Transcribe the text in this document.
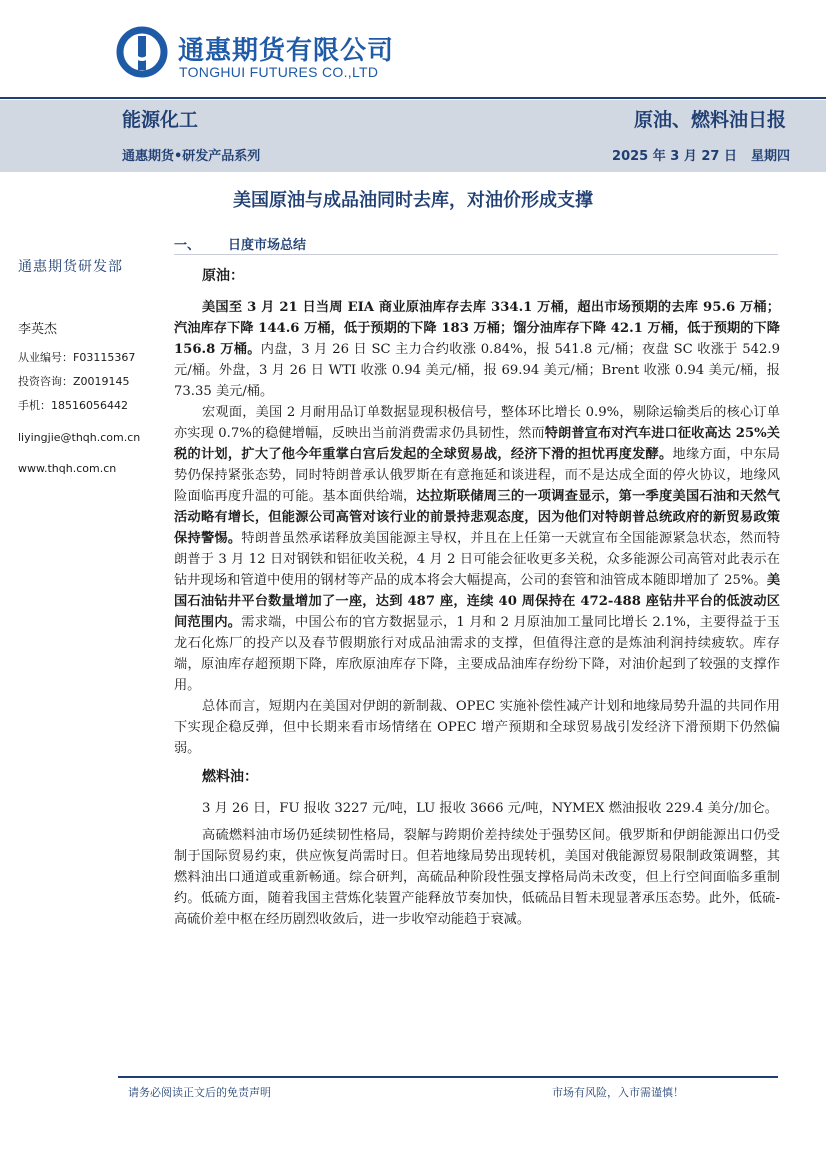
通惠期货有限公司
TONGHUI FUTURES CO.,LTD
能源化工	原油、燃料油日报
通惠期货•研发产品系列	2025 年 3 月 27 日 星期四
美国原油与成品油同时去库，对油价形成支撑
通惠期货研发部
李英杰
从业编号：F03115367
投资咨询：Z0019145
手机：18516056442
liyingjie@thqh.com.cn
www.thqh.com.cn
一、 日度市场总结
原油：

美国至 3 月 21 日当周 EIA 商业原油库存去库 334.1 万桶，超出市场预期的去库 95.6 万桶；汽油库存下降 144.6 万桶，低于预期的下降 183 万桶；馏分油库存下降 42.1 万桶，低于预期的下降 156.8 万桶。内盘，3 月 26 日 SC 主力合约收涨 0.84%，报 541.8 元/桶；夜盘 SC 收涨于 542.9 元/桶。外盘，3 月 26 日 WTI 收涨 0.94 美元/桶，报 69.94 美元/桶；Brent 收涨 0.94 美元/桶，报 73.35 美元/桶。

宏观面，美国 2 月耐用品订单数据显现积极信号，整体环比增长 0.9%，剔除运输类后的核心订单亦实现 0.7%的稳健增幅，反映出当前消费需求仍具韧性，然而特朗普宣布对汽车进口征收高达 25%关税的计划，扩大了他今年重掌白宫后发起的全球贸易战，经济下滑的担忧再度发酵。地缘方面，中东局势仍保持紧张态势，同时特朗普承认俄罗斯在有意拖延和谈进程，而不是达成全面的停火协议，地缘风险面临再度升温的可能。基本面供给端，达拉斯联储周三的一项调查显示，第一季度美国石油和天然气活动略有增长，但能源公司高管对该行业的前景持悲观态度，因为他们对特朗普总统政府的新贸易政策保持警惕。特朗普虽然承诺释放美国能源主导权，并且在上任第一天就宣布全国能源紧急状态，然而特朗普于 3 月 12 日对钢铁和铝征收关税，4 月 2 日可能会征收更多关税，众多能源公司高管对此表示在钻井现场和管道中使用的钢材等产品的成本将会大幅提高，公司的套管和油管成本随即增加了 25%。美国石油钻井平台数量增加了一座，达到 487 座，连续 40 周保持在 472-488 座钻井平台的低波动区间范围内。需求端，中国公布的官方数据显示，1 月和 2 月原油加工量同比增长 2.1%，主要得益于玉龙石化炼厂的投产以及春节假期旅行对成品油需求的支撑，但值得注意的是炼油利润持续疲软。库存端，原油库存超预期下降，库欣原油库存下降，主要成品油库存纷纷下降，对油价起到了较强的支撑作用。

总体而言，短期内在美国对伊朗的新制裁、OPEC 实施补偿性减产计划和地缘局势升温的共同作用下实现企稳反弹，但中长期来看市场情绪在 OPEC 增产预期和全球贸易战引发经济下滑预期下仍然偏弱。

燃料油：

3 月 26 日，FU 报收 3227 元/吨，LU 报收 3666 元/吨，NYMEX 燃油报收 229.4 美分/加仑。

高硫燃料油市场仍延续韧性格局，裂解与跨期价差持续处于强势区间。俄罗斯和伊朗能源出口仍受制于国际贸易约束，供应恢复尚需时日。但若地缘局势出现转机，美国对俄能源贸易限制政策调整，其燃料油出口通道或重新畅通。综合研判，高硫品种阶段性强支撑格局尚未改变，但上行空间面临多重制约。低硫方面，随着我国主营炼化装置产能释放节奏加快，低硫品目暂未现显著承压态势。此外，低硫-高硫价差中枢在经历剧烈收敛后，进一步收窄动能趋于衰减。

请务必阅读正文后的免责声明	市场有风险，入市需谨慎！
